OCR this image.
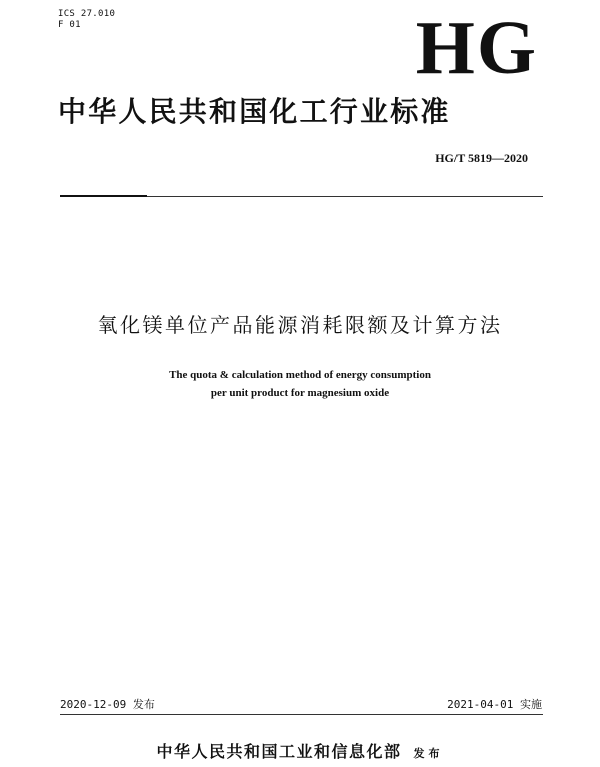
ICS 27.010
F 01	HG
中华人民共和国化工行业标准
HG/T 5819—2020
氧化镁单位产品能源消耗限额及计算方法
The quota & calculation method of energy consumption
per unit product for magnesium oxide
2020-12-09 发布	2021-04-01 实施
中华人民共和国工业和信息化部 发布
